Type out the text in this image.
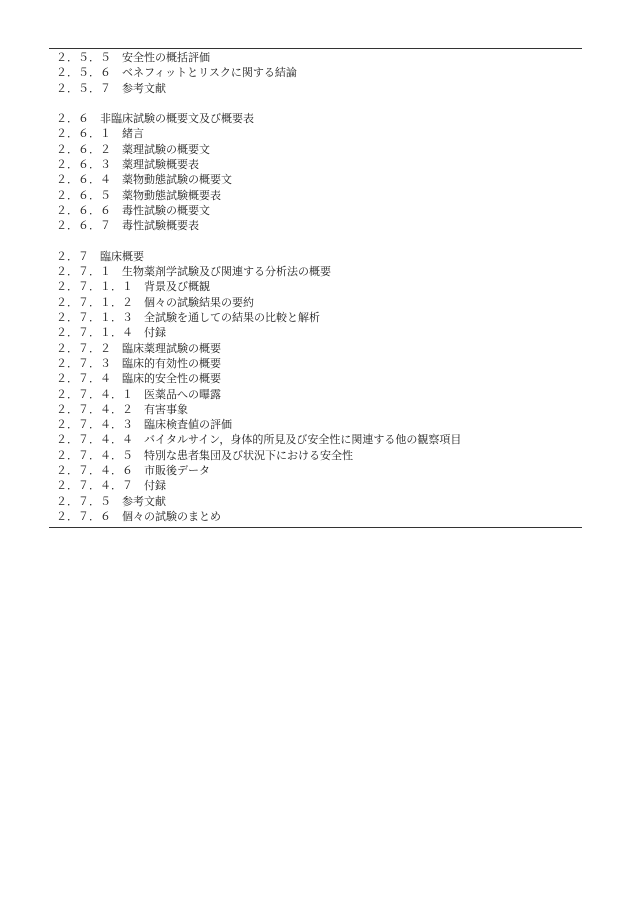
２．５．５　 安全性の概括評価
２．５．６　 ベネフィットとリスクに関する結論
２．５．７　 参考文献
２．６　 非臨床試験の概要文及び概要表
２．６．１　 緒言
２．６．２　 薬理試験の概要文
２．６．３　 薬理試験概要表
２．６．４　 薬物動態試験の概要文
２．６．５　 薬物動態試験概要表
２．６．６　 毒性試験の概要文
２．６．７　 毒性試験概要表
２．７　 臨床概要
２．７．１　 生物薬剤学試験及び関連する分析法の概要
２．７．１．１　 背景及び概観
２．７．１．２　 個々の試験結果の要約
２．７．１．３　 全試験を通しての結果の比較と解析
２．７．１．４　 付録
２．７．２　 臨床薬理試験の概要
２．７．３　 臨床的有効性の概要
２．７．４　 臨床的安全性の概要
２．７．４．１　 医薬品への曝露
２．７．４．２　 有害事象
２．７．４．３　 臨床検査値の評価
２．７．４．４　 バイタルサイン，身体的所見及び安全性に関連する他の観察項目
２．７．４．５　 特別な患者集団及び状況下における安全性
２．７．４．６　 市販後データ
２．７．４．７　 付録
２．７．５　 参考文献
２．７．６　 個々の試験のまとめ
